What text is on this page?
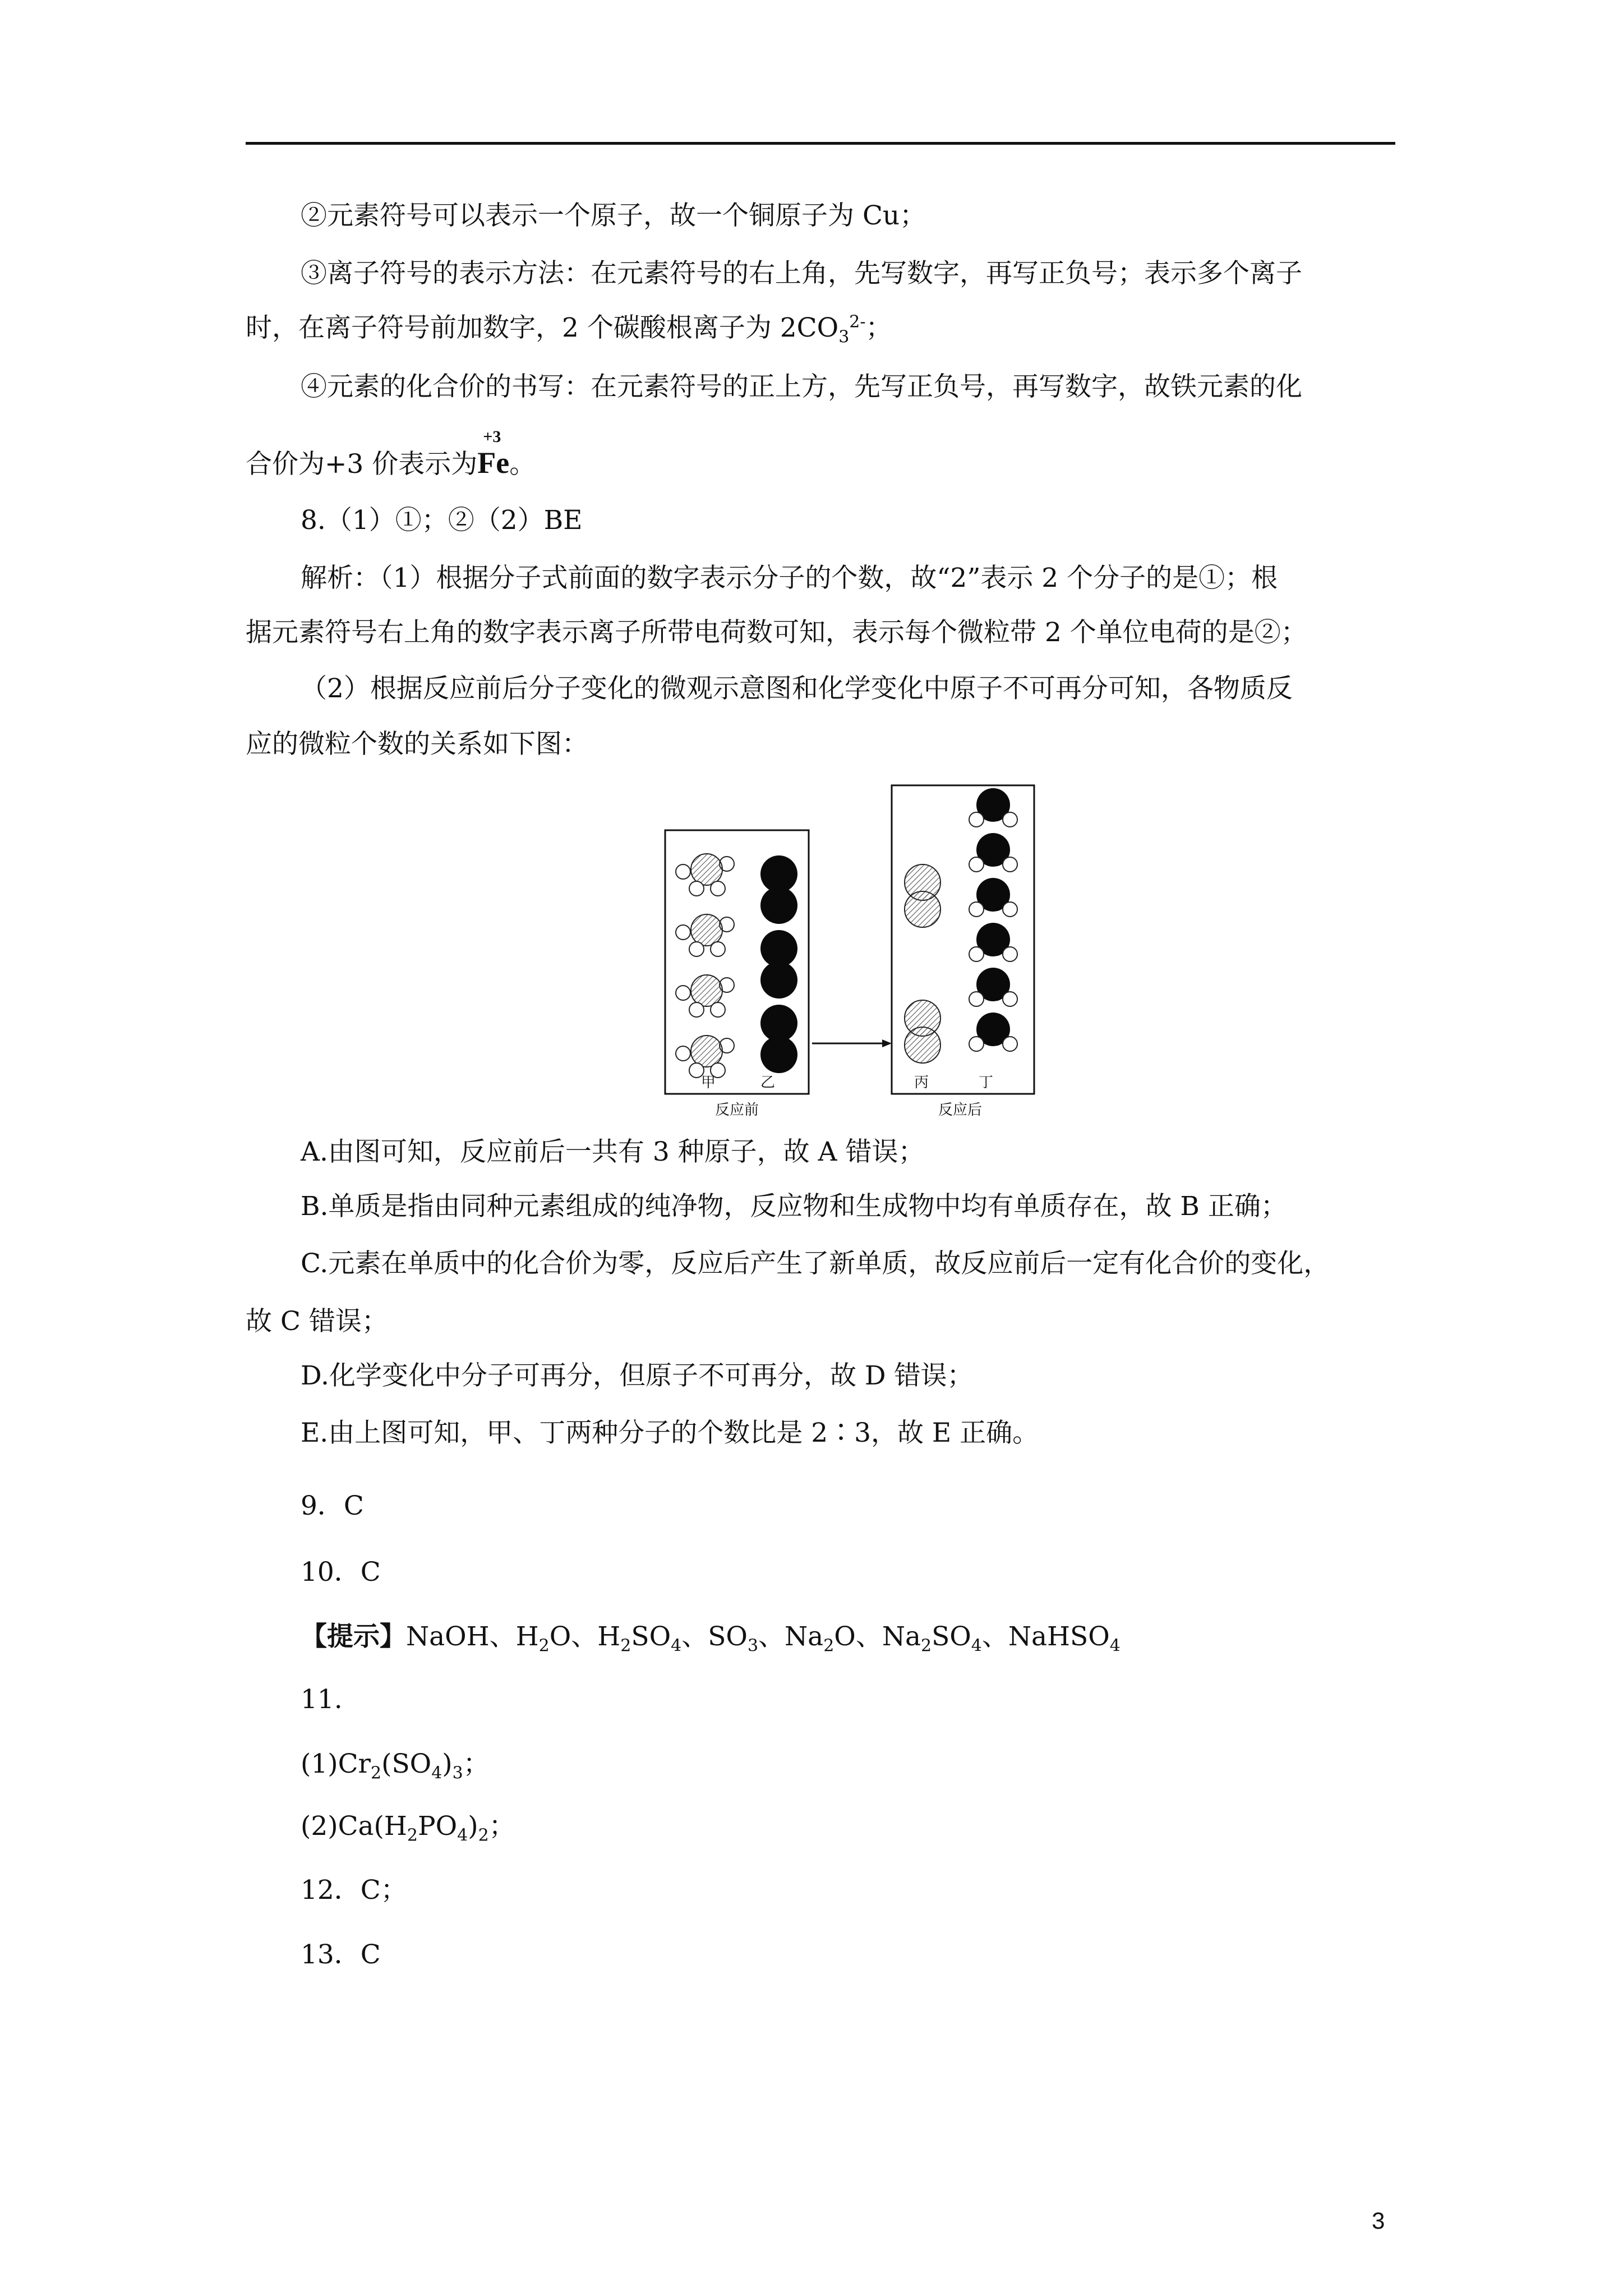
②元素符号可以表示一个原子，故一个铜原子为 Cu；
③离子符号的表示方法：在元素符号的右上角，先写数字，再写正负号；表示多个离子
时，在离子符号前加数字，2 个碳酸根离子为 $2CO_3^{2-}$；
④元素的化合价的书写：在元素符号的正上方，先写正负号，再写数字，故铁元素的化
合价为+3 价表示为
+3
Fe。
8.（1）①；②（2）BE
解析：（1）根据分子式前面的数字表示分子的个数，故“2”表示 2 个分子的是①；根
据元素符号右上角的数字表示离子所带电荷数可知，表示每个微粒带 2 个单位电荷的是②；
（2）根据反应前后分子变化的微观示意图和化学变化中原子不可再分可知，各物质反
应的微粒个数的关系如下图：
甲	乙
反应前
丙	丁
反应后
A.由图可知，反应前后一共有 3 种原子，故 A 错误；
B.单质是指由同种元素组成的纯净物，反应物和生成物中均有单质存在，故 B 正确；
C.元素在单质中的化合价为零，反应后产生了新单质，故反应前后一定有化合价的变化，
故 C 错误；
D.化学变化中分子可再分，但原子不可再分，故 D 错误；
E.由上图可知，甲、丁两种分子的个数比是 2∶3，故 E 正确。
9．C
10．C
【提示】NaOH、$H_2O$、$H_2SO_4$、$SO_3$、$Na_2O$、$Na_2SO_4$、NaHSO$_4$
11.
$(1)Cr_2(SO_4)_3$；
$(2)Ca(H_2PO_4)_2$；
12．C；
13．C
3
